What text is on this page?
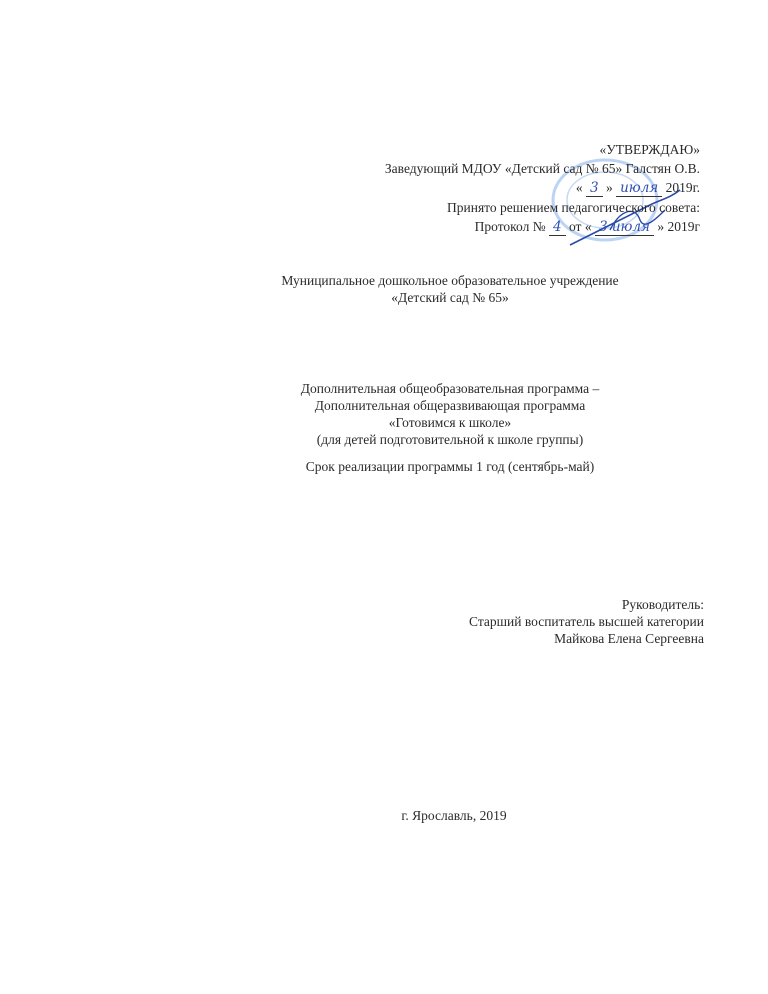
«УТВЕРЖДАЮ»
Заведующий МДОУ «Детский сад № 65» Галстян О.В.
« 3 » июля 2019г.
Принято решением педагогического совета:
Протокол № 4 от « 3 июля » 2019г
Муниципальное дошкольное образовательное учреждение
«Детский сад № 65»
Дополнительная общеобразовательная программа –
Дополнительная общеразвивающая программа
«Готовимся к школе»
(для детей подготовительной к школе группы)
Срок реализации программы 1 год (сентябрь-май)
Руководитель:
Старший воспитатель высшей категории
Майкова Елена Сергеевна
г. Ярославль, 2019
